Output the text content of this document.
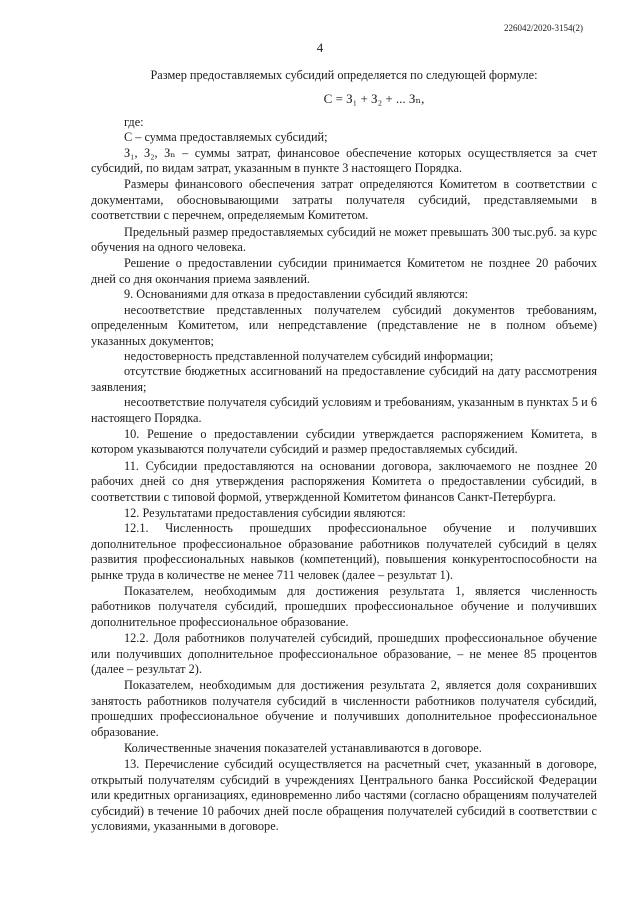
226042/2020-3154(2)
4

Размер предоставляемых субсидий определяется по следующей формуле:

С = З₁ + З₂ + ... Зₙ,

где:

С – сумма предоставляемых субсидий;

З₁, З₂, Зₙ – суммы затрат, финансовое обеспечение которых осуществляется за счет субсидий, по видам затрат, указанным в пункте 3 настоящего Порядка.

Размеры финансового обеспечения затрат определяются Комитетом в соответствии с документами, обосновывающими затраты получателя субсидий, представляемыми в соответствии с перечнем, определяемым Комитетом.

Предельный размер предоставляемых субсидий не может превышать 300 тыс.руб. за курс обучения на одного человека.

Решение о предоставлении субсидии принимается Комитетом не позднее 20 рабочих дней со дня окончания приема заявлений.

9. Основаниями для отказа в предоставлении субсидий являются:

несоответствие представленных получателем субсидий документов требованиям, определенным Комитетом, или непредставление (представление не в полном объеме) указанных документов;

недостоверность представленной получателем субсидий информации;

отсутствие бюджетных ассигнований на предоставление субсидий на дату рассмотрения заявления;

несоответствие получателя субсидий условиям и требованиям, указанным в пунктах 5 и 6 настоящего Порядка.

10. Решение о предоставлении субсидии утверждается распоряжением Комитета, в котором указываются получатели субсидий и размер предоставляемых субсидий.

11. Субсидии предоставляются на основании договора, заключаемого не позднее 20 рабочих дней со дня утверждения распоряжения Комитета о предоставлении субсидий, в соответствии с типовой формой, утвержденной Комитетом финансов Санкт-Петербурга.

12. Результатами предоставления субсидии являются:

12.1. Численность прошедших профессиональное обучение и получивших дополнительное профессиональное образование работников получателей субсидий в целях развития профессиональных навыков (компетенций), повышения конкурентоспособности на рынке труда в количестве не менее 711 человек (далее – результат 1).

Показателем, необходимым для достижения результата 1, является численность работников получателя субсидий, прошедших профессиональное обучение и получивших дополнительное профессиональное образование.

12.2. Доля работников получателей субсидий, прошедших профессиональное обучение или получивших дополнительное профессиональное образование, – не менее 85 процентов (далее – результат 2).

Показателем, необходимым для достижения результата 2, является доля сохранивших занятость работников получателя субсидий в численности работников получателя субсидий, прошедших профессиональное обучение и получивших дополнительное профессиональное образование.

Количественные значения показателей устанавливаются в договоре.

13. Перечисление субсидий осуществляется на расчетный счет, указанный в договоре, открытый получателям субсидий в учреждениях Центрального банка Российской Федерации или кредитных организациях, единовременно либо частями (согласно обращениям получателей субсидий) в течение 10 рабочих дней после обращения получателей субсидий в соответствии с условиями, указанными в договоре.
